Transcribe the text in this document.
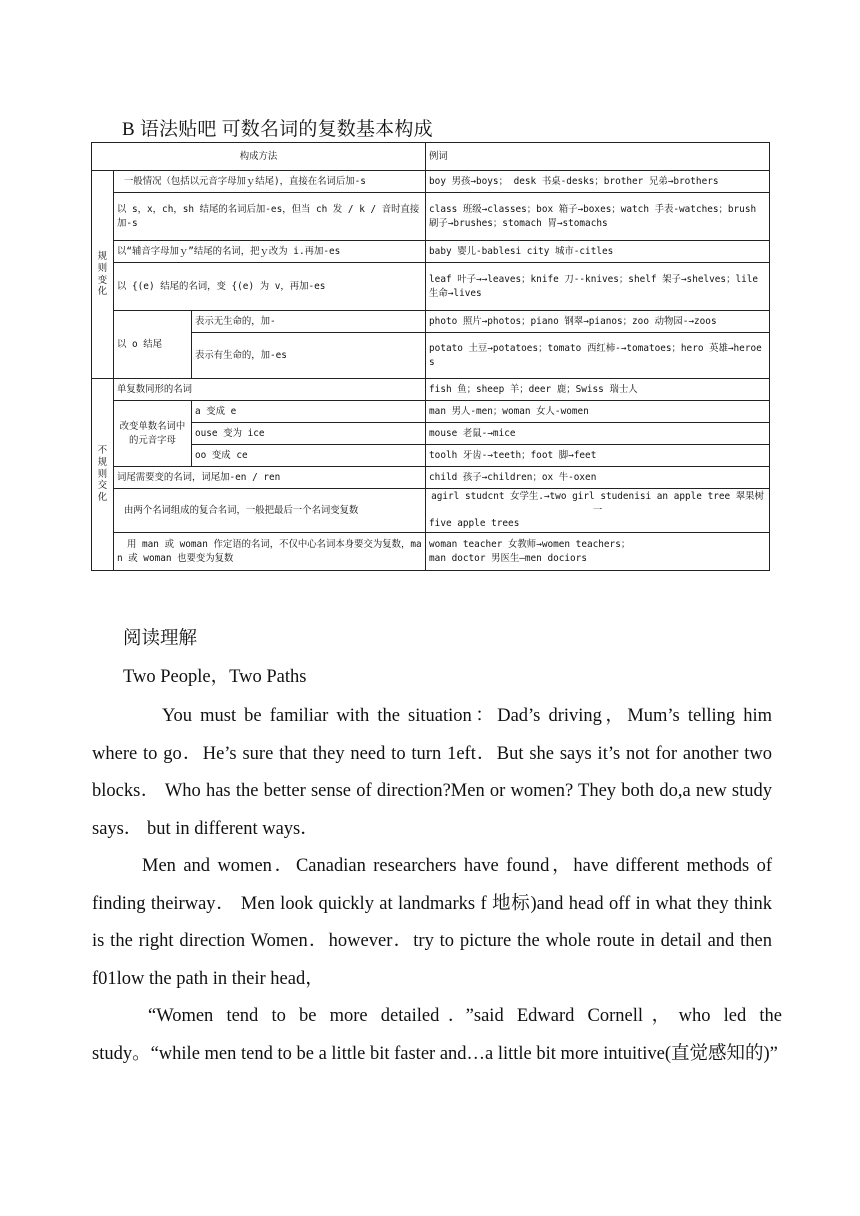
B 语法贴吧 可数名词的复数基本构成
构成方法			例词
规则变化	一般情况（包括以元音字母加ｙ结尾)，直接在名词后加-s		boy 男孩→boys； desk 书桌-desks；brother 兄弟→brothers
	以 s，x，ch，sh 结尾的名词后加-es，但当 ch 发 / k / 音时直接加-s		class 班级→classes；box 箱子→boxes；watch 手表-watches；brush 刷子→brushes；stomach 胃→stomachs
	以“辅音字母加ｙ”结尾的名词，把ｙ改为 i.再加-es		baby 婴儿-bablesi city 城市-citles
	以 {(e) 结尾的名词，变 {(e) 为 v，再加-es		leaf 叶子→→leaves；knife 刀--knives；shelf 架子→shelves；lile 生命→lives
	以 o 结尾	表示无生命的，加-	photo 照片→photos；piano 钢翠→pianos；zoo 动物园-→zoos
		表示有生命的，加-es	potato 土豆→potatoes；tomato 西红柿-→tomatoes；hero 英雄→heroes

不规则交化	单复数同形的名词		fish 鱼；sheep 羊；deer 鹿；Swiss 瑞士人
	改变单数名词中的元音字母	a 变成 e	man 男人-men；woman 女人-women
		ouse 变为 ice	mouse 老鼠-→mice
		oo 变成 ce	toolh 牙齿-→teeth；foot 脚→feet
	词尾需要变的名词，词尾加-en / ren		child 孩子→children；ox 牛-oxen
	由两个名词组成的复合名词，一般把最后一个名词变复数		agirl studcnt 女学生.→two girl studenisi an apple tree 翠果树一
five apple trees

	用 man 或 woman 作定语的名词，不仅中心名词本身要交为复数，man 或 woman 也要变为复数		woman teacher 女教师→women teachers；
man doctor 男医生—men dociors
阅读理解
Two People，Two Paths
You must be familiar with the situation：Dad’s driving，Mum’s telling him where to go．He’s sure that they need to turn 1eft．But she says it’s not for another two blocks． Who has the better sense of direction?Men or women? They both do,a new study says． but in different ways．
Men and women．Canadian researchers have found，have different methods of finding theirway． Men look quickly at landmarks f 地标)and head off in what they think is the right direction Women．however．try to picture the whole route in detail and then f01low the path in their head，
“Women tend to be more detailed．”said Edward Cornell，who led the study。“while men tend to be a little bit faster and…a little bit more intuitive(直觉感知的)”
